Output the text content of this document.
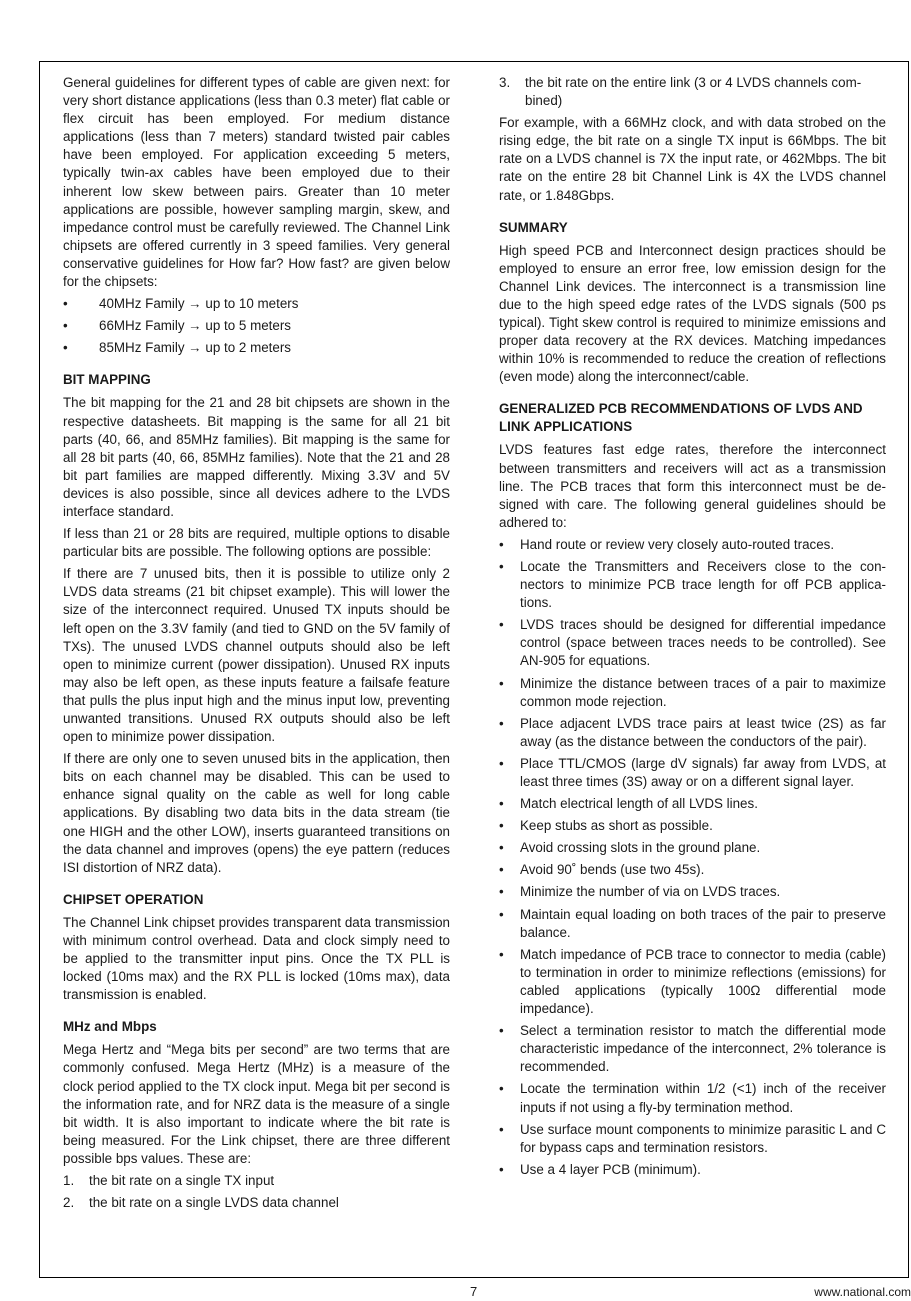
General guidelines for different types of cable are given next: for very short distance applications (less than 0.3 meter) flat cable or flex circuit has been employed. For medium distance applications (less than 7 meters) standard twisted pair cables have been employed. For application exceeding 5 meters, typically twin-ax cables have been employed due to their inherent low skew between pairs. Greater than 10 meter applications are possible, however sampling margin, skew, and impedance control must be carefully reviewed. The Channel Link chipsets are offered currently in 3 speed families. Very general conservative guidelines for How far? How fast? are given below for the chipsets:

• 40MHz Family → up to 10 meters
• 66MHz Family → up to 5 meters
• 85MHz Family → up to 2 meters
BIT MAPPING

The bit mapping for the 21 and 28 bit chipsets are shown in the respective datasheets. Bit mapping is the same for all 21 bit parts (40, 66, and 85MHz families). Bit mapping is the same for all 28 bit parts (40, 66, 85MHz families). Note that the 21 and 28 bit part families are mapped differently. Mixing 3.3V and 5V devices is also possible, since all devices adhere to the LVDS interface standard.

If less than 21 or 28 bits are required, multiple options to disable particular bits are possible. The following options are possible:

If there are 7 unused bits, then it is possible to utilize only 2 LVDS data streams (21 bit chipset example). This will lower the size of the interconnect required. Unused TX inputs should be left open on the 3.3V family (and tied to GND on the 5V family of TXs). The unused LVDS channel outputs should also be left open to minimize current (power dissipation). Unused RX inputs may also be left open, as these inputs feature a failsafe feature that pulls the plus input high and the minus input low, preventing unwanted transitions. Unused RX outputs should also be left open to minimize power dissipation.

If there are only one to seven unused bits in the application, then bits on each channel may be disabled. This can be used to enhance signal quality on the cable as well for long cable applications. By disabling two data bits in the data stream (tie one HIGH and the other LOW), inserts guaranteed transitions on the data channel and improves (opens) the eye pattern (reduces ISI distortion of NRZ data).

CHIPSET OPERATION

The Channel Link chipset provides transparent data transmission with minimum control overhead. Data and clock simply need to be applied to the transmitter input pins. Once the TX PLL is locked (10ms max) and the RX PLL is locked (10ms max), data transmission is enabled.

MHz and Mbps

Mega Hertz and “Mega bits per second” are two terms that are commonly confused. Mega Hertz (MHz) is a measure of the clock period applied to the TX clock input. Mega bit per second is the information rate, and for NRZ data is the measure of a single bit width. It is also important to indicate where the bit rate is being measured. For the Link chipset, there are three different possible bps values. These are:

1. the bit rate on a single TX input
2. the bit rate on a single LVDS data channel
3. the bit rate on the entire link (3 or 4 LVDS channels combined)

For example, with a 66MHz clock, and with data strobed on the rising edge, the bit rate on a single TX input is 66Mbps. The bit rate on a LVDS channel is 7X the input rate, or 462Mbps. The bit rate on the entire 28 bit Channel Link is 4X the LVDS channel rate, or 1.848Gbps.

SUMMARY

High speed PCB and Interconnect design practices should be employed to ensure an error free, low emission design for the Channel Link devices. The interconnect is a transmission line due to the high speed edge rates of the LVDS signals (500 ps typical). Tight skew control is required to minimize emissions and proper data recovery at the RX devices. Matching impedances within 10% is recommended to reduce the creation of reflections (even mode) along the interconnect/cable.

GENERALIZED PCB RECOMMENDATIONS OF LVDS AND LINK APPLICATIONS

LVDS features fast edge rates, therefore the interconnect between transmitters and receivers will act as a transmission line. The PCB traces that form this interconnect must be designed with care. The following general guidelines should be adhered to:

• Hand route or review very closely auto-routed traces.
• Locate the Transmitters and Receivers close to the connectors to minimize PCB trace length for off PCB applications.
• LVDS traces should be designed for differential impedance control (space between traces needs to be controlled). See AN-905 for equations.
• Minimize the distance between traces of a pair to maximize common mode rejection.
• Place adjacent LVDS trace pairs at least twice (2S) as far away (as the distance between the conductors of the pair).
• Place TTL/CMOS (large dV signals) far away from LVDS, at least three times (3S) away or on a different signal layer.
• Match electrical length of all LVDS lines.
• Keep stubs as short as possible.
• Avoid crossing slots in the ground plane.
• Avoid 90˚ bends (use two 45s).
• Minimize the number of via on LVDS traces.
• Maintain equal loading on both traces of the pair to preserve balance.
• Match impedance of PCB trace to connector to media (cable) to termination in order to minimize reflections (emissions) for cabled applications (typically 100Ω differential mode impedance).
• Select a termination resistor to match the differential mode characteristic impedance of the interconnect, 2% tolerance is recommended.
• Locate the termination within 1/2 (<1) inch of the receiver inputs if not using a fly-by termination method.
• Use surface mount components to minimize parasitic L and C for bypass caps and termination resistors.
• Use a 4 layer PCB (minimum).
7	www.national.com
